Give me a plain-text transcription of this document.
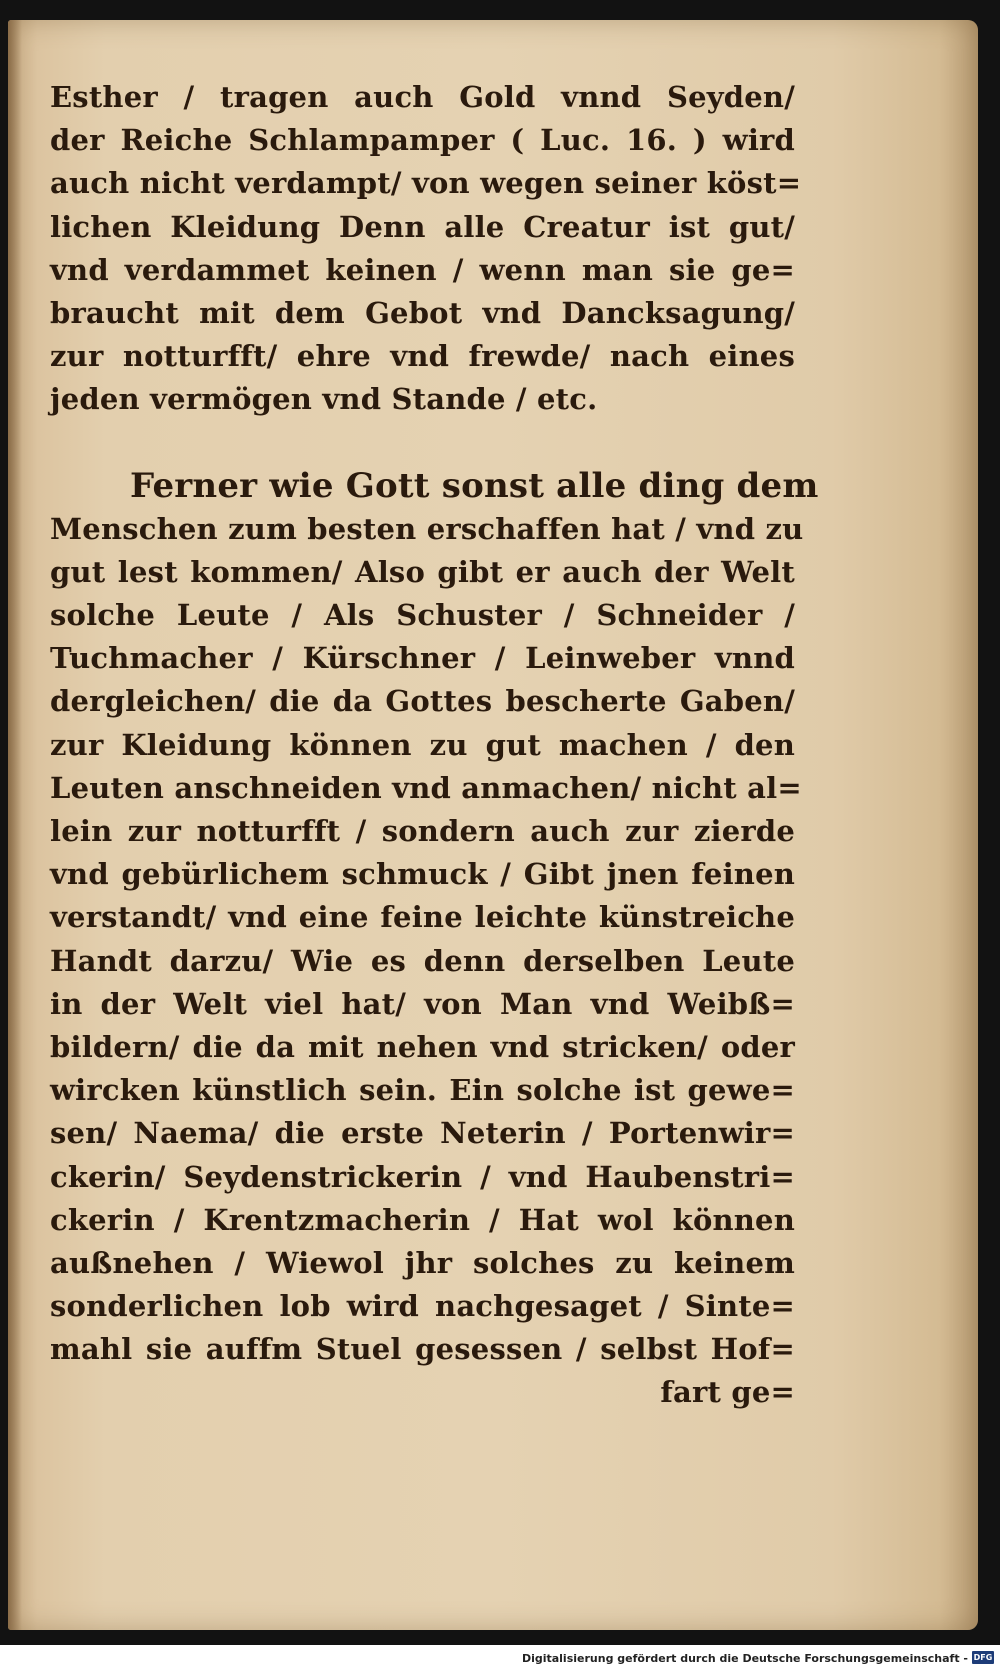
Esther / tragen auch Gold vnnd Seyden/
der Reiche Schlampamper ( Luc. 16. ) wird
auch nicht verdampt/ von wegen seiner köst=
lichen Kleidung Denn alle Creatur ist gut/
vnd verdammet keinen / wenn man sie ge=
braucht mit dem Gebot vnd Dancksagung/
zur notturfft/ ehre vnd frewde/ nach eines
jeden vermögen vnd Stande / etc.
Ferner wie Gott sonst alle ding dem
Menschen zum besten erschaffen hat / vnd zu
gut lest kommen/ Also gibt er auch der Welt
solche Leute / Als Schuster / Schneider /
Tuchmacher / Kürschner / Leinweber vnnd
dergleichen/ die da Gottes bescherte Gaben/
zur Kleidung können zu gut machen / den
Leuten anschneiden vnd anmachen/ nicht al=
lein zur notturfft / sondern auch zur zierde
vnd gebürlichem schmuck / Gibt jnen feinen
verstandt/ vnd eine feine leichte künstreiche
Handt darzu/ Wie es denn derselben Leute
in der Welt viel hat/ von Man vnd Weibß=
bildern/ die da mit nehen vnd stricken/ oder
wircken künstlich sein. Ein solche ist gewe=
sen/ Naema/ die erste Neterin / Portenwir=
ckerin/ Seydenstrickerin / vnd Haubenstri=
ckerin / Krentzmacherin / Hat wol können
außnehen / Wiewol jhr solches zu keinem
sonderlichen lob wird nachgesaget / Sinte=
mahl sie auffm Stuel gesessen / selbst Hof=
fart ge=
Digitalisierung gefördert durch die Deutsche Forschungsgemeinschaft - DFG
